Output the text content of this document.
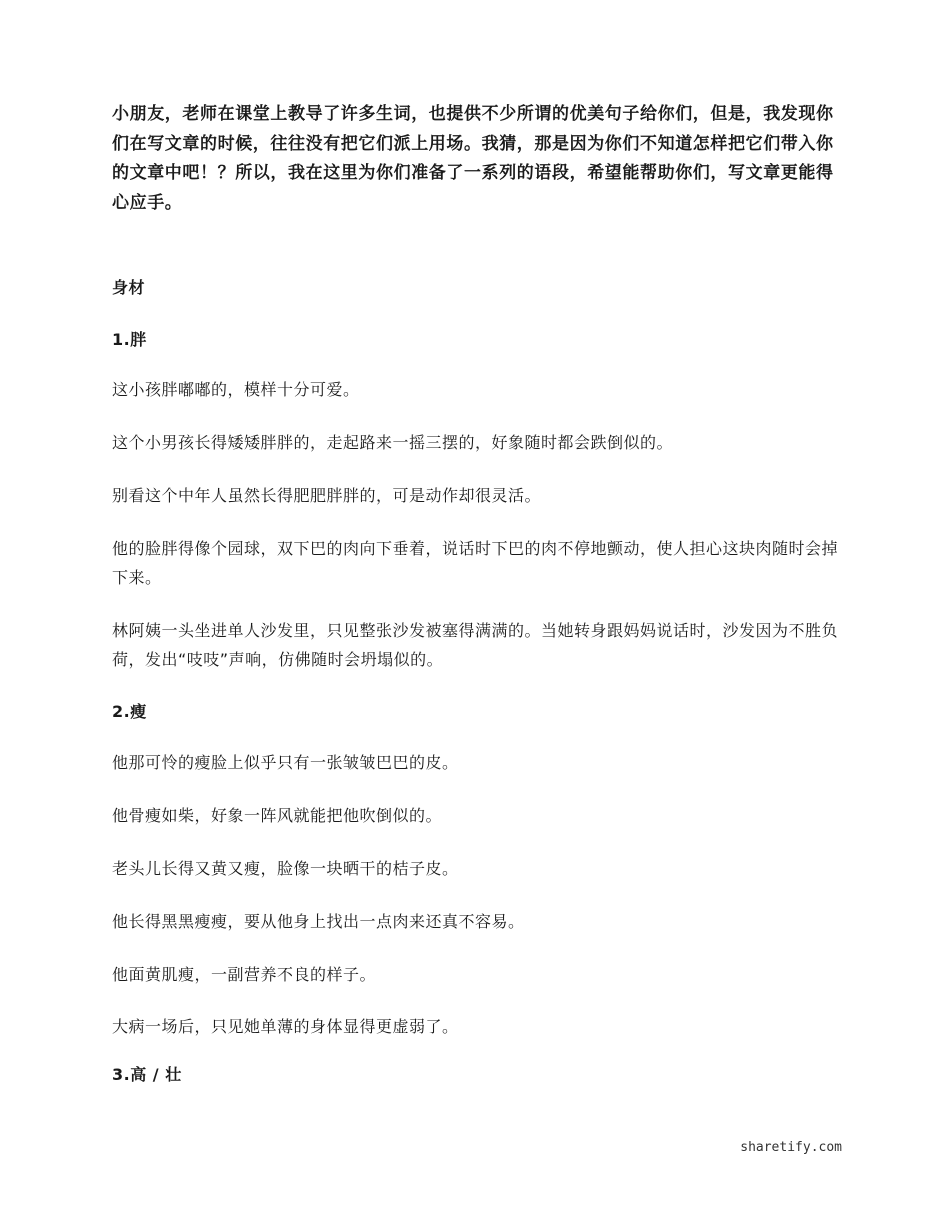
小朋友，老师在课堂上教导了许多生词，也提供不少所谓的优美句子给你们，但是，我发现你们在写文章的时候，往往没有把它们派上用场。我猜，那是因为你们不知道怎样把它们带入你的文章中吧！？所以，我在这里为你们准备了一系列的语段，希望能帮助你们，写文章更能得心应手。

身材

1.胖

这小孩胖嘟嘟的，模样十分可爱。

这个小男孩长得矮矮胖胖的，走起路来一摇三摆的，好象随时都会跌倒似的。

别看这个中年人虽然长得肥肥胖胖的，可是动作却很灵活。

他的脸胖得像个园球，双下巴的肉向下垂着，说话时下巴的肉不停地颤动，使人担心这块肉随时会掉下来。

林阿姨一头坐进单人沙发里，只见整张沙发被塞得满满的。当她转身跟妈妈说话时，沙发因为不胜负荷，发出“吱吱”声响，仿佛随时会坍塌似的。

2.瘦

他那可怜的瘦脸上似乎只有一张皱皱巴巴的皮。

他骨瘦如柴，好象一阵风就能把他吹倒似的。

老头儿长得又黄又瘦，脸像一块晒干的桔子皮。

他长得黑黑瘦瘦，要从他身上找出一点肉来还真不容易。

他面黄肌瘦，一副营养不良的样子。

大病一场后，只见她单薄的身体显得更虚弱了。

3.高 / 壮

sharetify.com
